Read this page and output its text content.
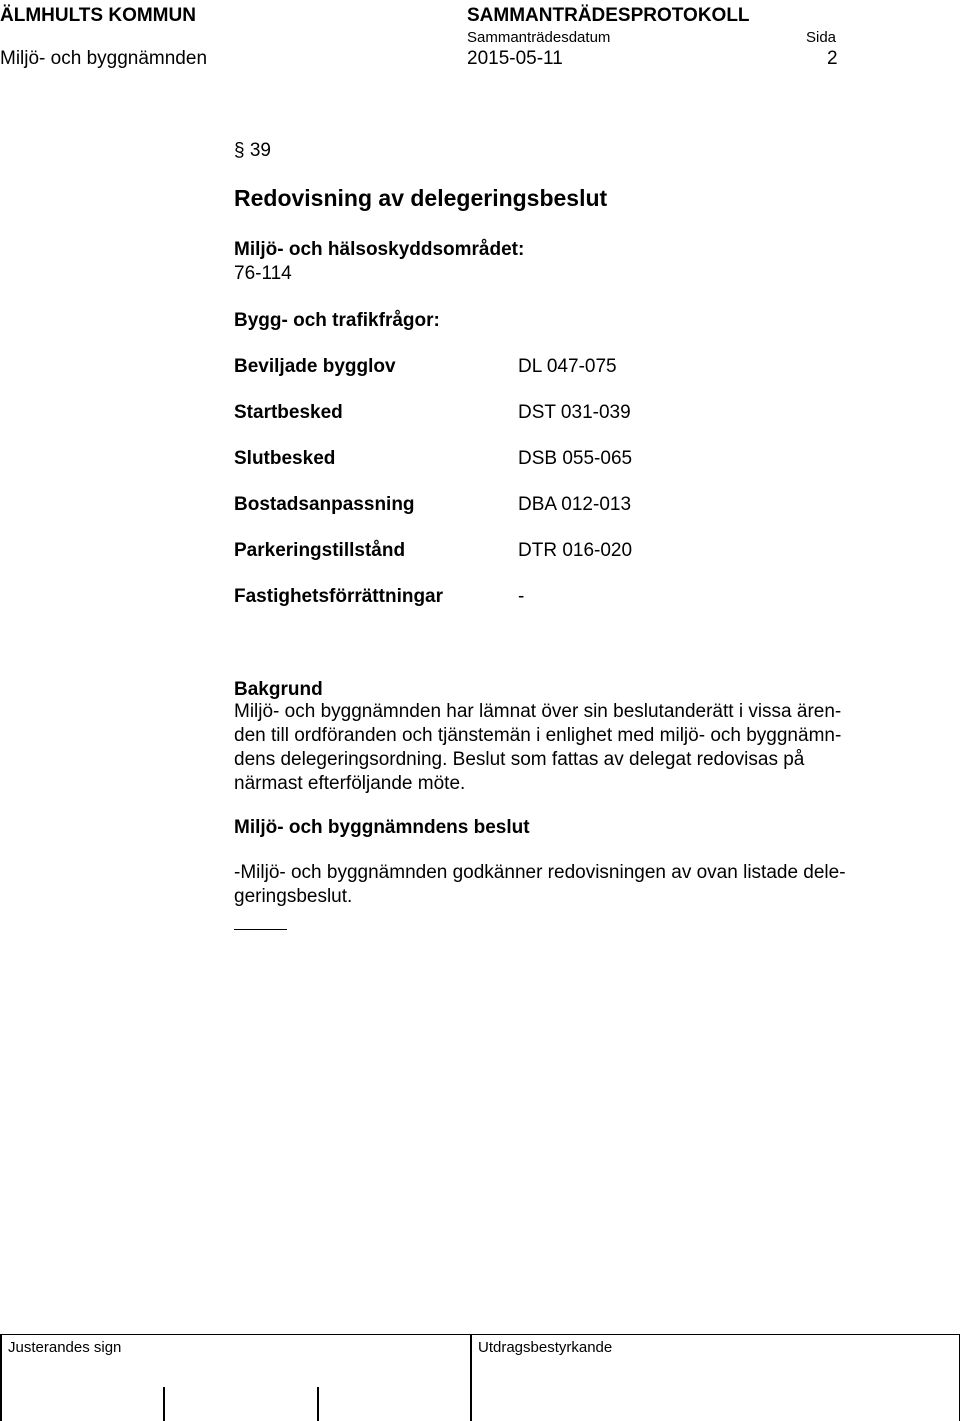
ÄLMHULTS KOMMUN	SAMMANTRÄDESPROTOKOLL
Sammanträdesdatum	Sida
Miljö- och byggnämnden	2015-05-11	2
§ 39
Redovisning av delegeringsbeslut
Miljö- och hälsoskyddsområdet:
76-114
Bygg- och trafikfrågor:
Beviljade bygglov	DL 047-075
Startbesked	DST 031-039
Slutbesked	DSB 055-065
Bostadsanpassning	DBA 012-013
Parkeringstillstånd	DTR 016-020
Fastighetsförrättningar	-
Bakgrund
Miljö- och byggnämnden har lämnat över sin beslutanderätt i vissa ären-
den till ordföranden och tjänstemän i enlighet med miljö- och byggnämn-
dens delegeringsordning. Beslut som fattas av delegat redovisas på
närmast efterföljande möte.
Miljö- och byggnämndens beslut
-Miljö- och byggnämnden godkänner redovisningen av ovan listade dele-
geringsbeslut.
Justerandes sign	Utdragsbestyrkande
